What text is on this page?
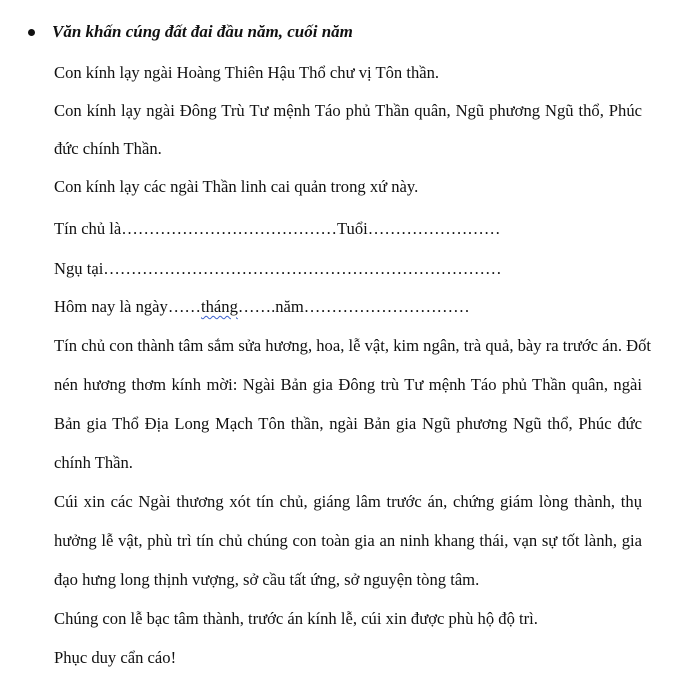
Văn khấn cúng đất đai đầu năm, cuối năm
Con kính lạy ngài Hoàng Thiên Hậu Thổ chư vị Tôn thần.
Con kính lạy ngài Đông Trù Tư mệnh Táo phủ Thần quân, Ngũ phương Ngũ thổ, Phúc
đức chính Thần.
Con kính lạy các ngài Thần linh cai quản trong xứ này.
Tín chủ là…………………………………Tuổi……………………
Ngụ tại………………………………………………………………
Hôm nay là ngày……tháng…….năm…………………………
Tín chủ con thành tâm sắm sửa hương, hoa, lễ vật, kim ngân, trà quả, bày ra trước án. Đốt
nén hương thơm kính mời: Ngài Bản gia Đông trù Tư mệnh Táo phủ Thần quân, ngài
Bản gia Thổ Địa Long Mạch Tôn thần, ngài Bản gia Ngũ phương Ngũ thổ, Phúc đức
chính Thần.
Cúi xin các Ngài thương xót tín chủ, giáng lâm trước án, chứng giám lòng thành, thụ
hưởng lễ vật, phù trì tín chủ chúng con toàn gia an ninh khang thái, vạn sự tốt lành, gia
đạo hưng long thịnh vượng, sở cầu tất ứng, sở nguyện tòng tâm.
Chúng con lễ bạc tâm thành, trước án kính lễ, cúi xin được phù hộ độ trì.
Phục duy cẩn cáo!
